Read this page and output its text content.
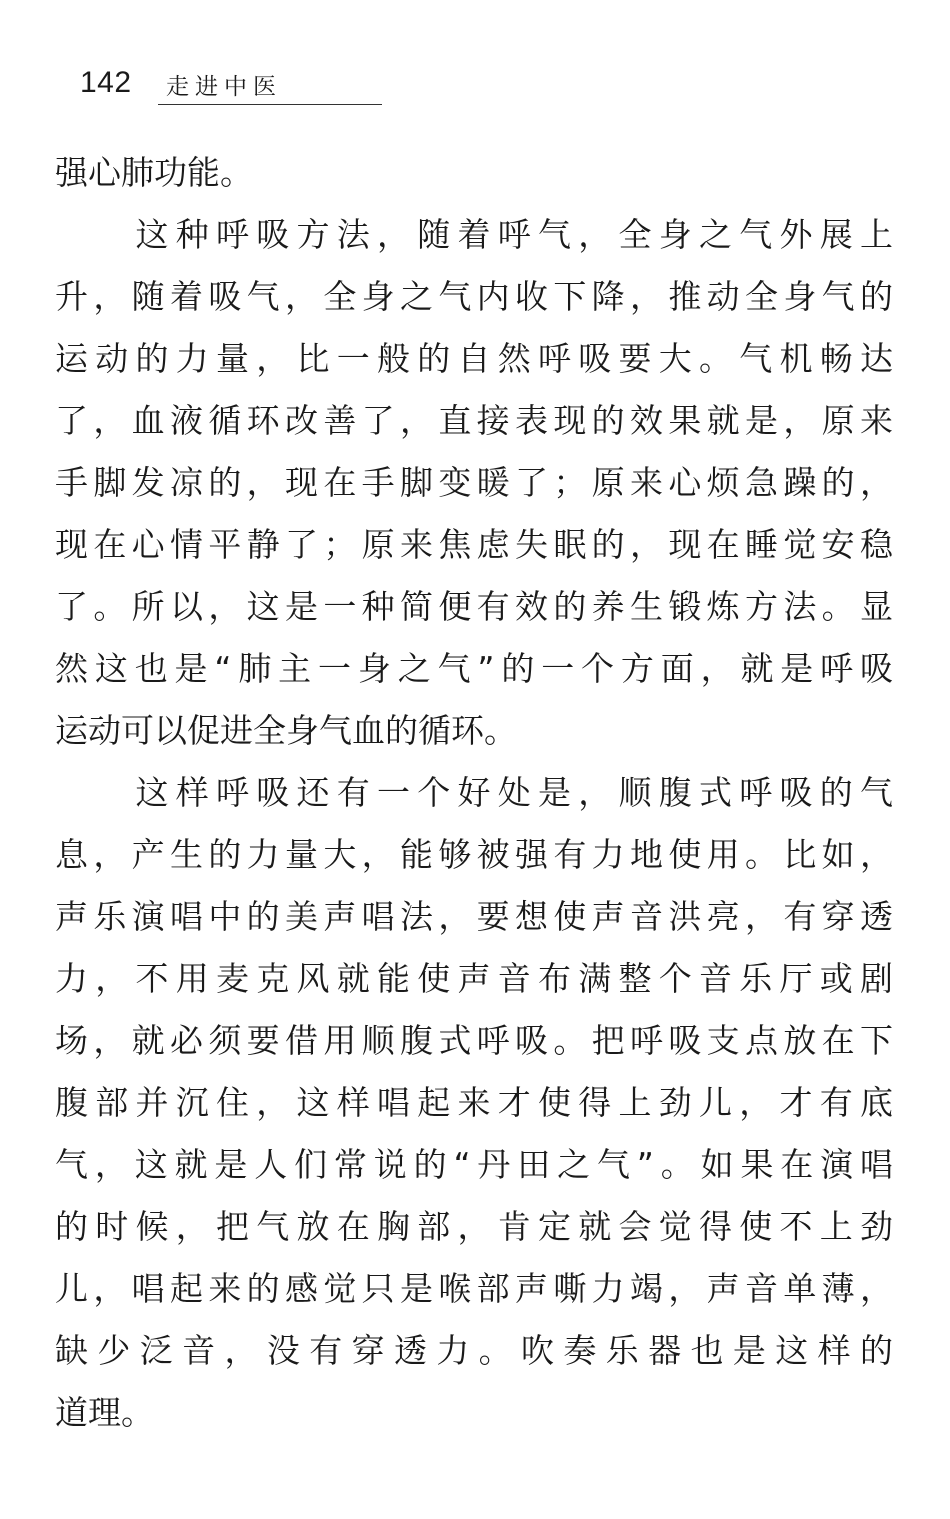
142 走进中医
强心肺功能。
　　这种呼吸方法，随着呼气，全身之气外展上
升，随着吸气，全身之气内收下降，推动全身气的
运动的力量，比一般的自然呼吸要大。气机畅达
了，血液循环改善了，直接表现的效果就是，原来
手脚发凉的，现在手脚变暖了；原来心烦急躁的，
现在心情平静了；原来焦虑失眠的，现在睡觉安稳
了。所以，这是一种简便有效的养生锻炼方法。显
然这也是“肺主一身之气”的一个方面，就是呼吸
运动可以促进全身气血的循环。
　　这样呼吸还有一个好处是，顺腹式呼吸的气
息，产生的力量大，能够被强有力地使用。比如，
声乐演唱中的美声唱法，要想使声音洪亮，有穿透
力，不用麦克风就能使声音布满整个音乐厅或剧
场，就必须要借用顺腹式呼吸。把呼吸支点放在下
腹部并沉住，这样唱起来才使得上劲儿，才有底
气，这就是人们常说的“丹田之气”。如果在演唱
的时候，把气放在胸部，肯定就会觉得使不上劲
儿，唱起来的感觉只是喉部声嘶力竭，声音单薄，
缺少泛音，没有穿透力。吹奏乐器也是这样的
道理。
